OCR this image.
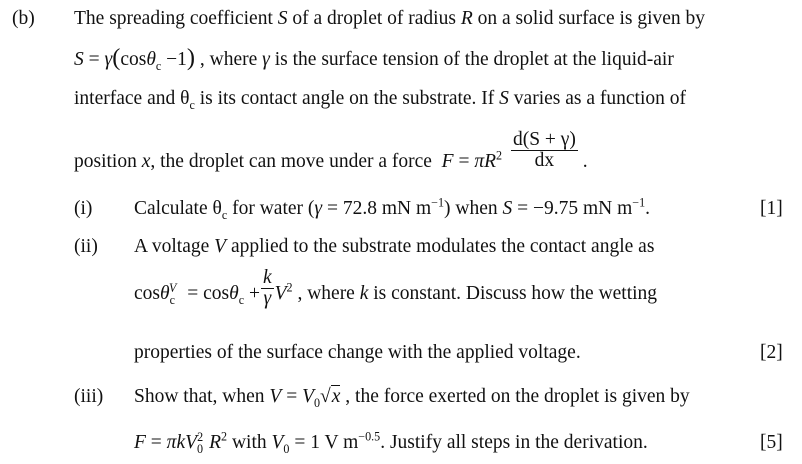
(b) The spreading coefficient S of a droplet of radius R on a solid surface is given by
S = γ(cosθ$_c$ −1) , where γ is the surface tension of the droplet at the liquid-air
interface and $\theta_c$ is its contact angle on the substrate. If S varies as a function of
position x, the droplet can move under a force  $F = \pi R^2 \frac{d(S + \gamma)}{dx}$ .
(i) Calculate $\theta_c$ for water (γ = 72.8 mN $m^{-1}$) when S = −9.75 mN $m^{-1}$.	[1]
(ii) A voltage V applied to the substrate modulates the contact angle as
$\cos\theta_c^V = \cos\theta_c + \frac{k}{\gamma} V^2$ , where k is constant. Discuss how the wetting
properties of the surface change with the applied voltage.	[2]
(iii) Show that, when $V = V_0√x$ , the force exerted on the droplet is given by
F = πkV$_0^2$ $R^2$ with $V_0 = 1$ V $m^{-0.5}$. Justify all steps in the derivation.	[5]
